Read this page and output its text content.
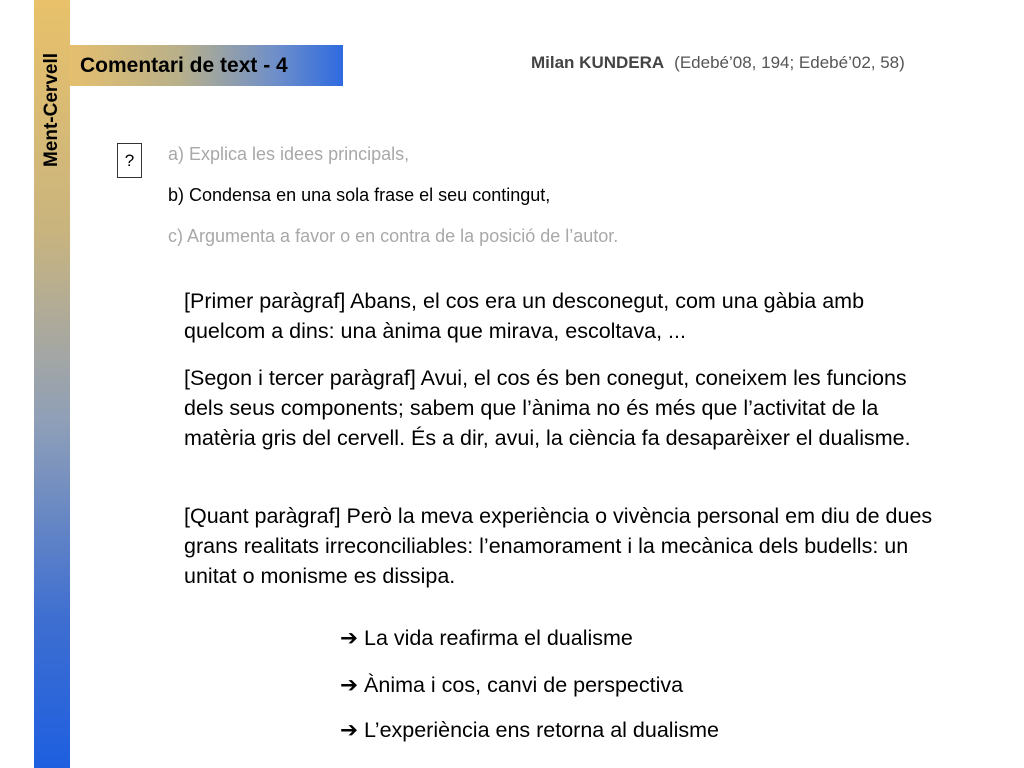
Ment-Cervell Comentari de text - 4	Milan KUNDERA (Edebé’08, 194; Edebé’02, 58)
?	a) Explica les idees principals,
b) Condensa en una sola frase el seu contingut,
c) Argumenta a favor o en contra de la posició de l’autor.

[Primer paràgraf] Abans, el cos era un desconegut, com una gàbia amb quelcom a dins: una ànima que mirava, escoltava, ...

[Segon i tercer paràgraf] Avui, el cos és ben conegut, coneixem les funcions dels seus components; sabem que l’ànima no és més que l’activitat de la matèria gris del cervell. És a dir, avui, la ciència fa desaparèixer el dualisme.

[Quant paràgraf] Però la meva experiència o vivència personal em diu de dues grans realitats irreconciliables: l’enamorament i la mecànica dels budells: un unitat o monisme es dissipa.

➔ La vida reafirma el dualisme
➔ Ànima i cos, canvi de perspectiva
➔ L’experiència ens retorna al dualisme
